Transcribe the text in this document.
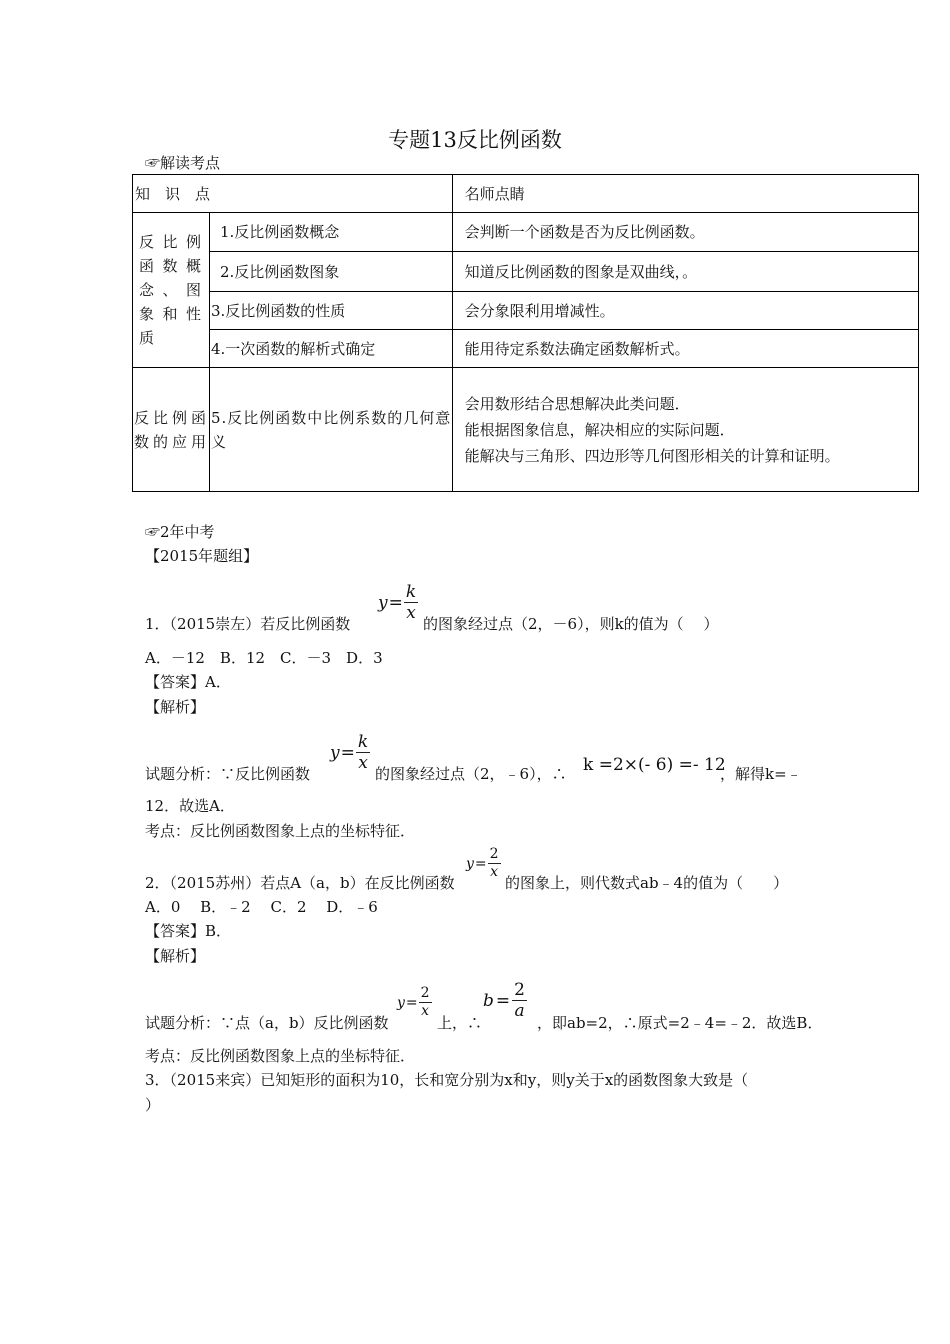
专题13反比例函数
☞解读考点
知　识　点		名师点睛
反比例函数概念、图象和性质	1.反比例函数概念	会判断一个函数是否为反比例函数。
	2.反比例函数图象	知道反比例函数的图象是双曲线，。
	3.反比例函数的性质	会分象限利用增减性。
	4.一次函数的解析式确定	能用待定系数法确定函数解析式。
反比例函数的应用	5.反比例函数中比例系数的几何意义	会用数形结合思想解决此类问题．
能根据图象信息，解决相应的实际问题．
能解决与三角形、四边形等几何图形相关的计算和证明。
☞2年中考
【2015年题组】
1．（2015崇左）若反比例函数
$y = \frac{k}{x}$
的图象经过点（2，－6），则k的值为（　 ）
A．－12　B．12　C．－3　D．3
【答案】A．
【解析】
试题分析：∵反比例函数
$y = \frac{k}{x}$
的图象经过点（2，﹣6），∴ k =2×(- 6) =- 12
，解得k=﹣
12．故选A．
考点：反比例函数图象上点的坐标特征．
2．（2015苏州）若点A（a，b）在反比例函数
$y = \frac{2}{x}$
的图象上，则代数式ab﹣4的值为（　　）
A．0　 B．﹣2　 C．2　 D．﹣6
【答案】B．
【解析】
试题分析：∵点（a，b）反比例函数
$y = \frac{2}{x}$
上，∴
$b = \frac{2}{a}$
，即ab=2，∴原式=2﹣4=﹣2．故选B．
考点：反比例函数图象上点的坐标特征．
3．（2015来宾）已知矩形的面积为10，长和宽分别为x和y，则y关于x的函数图象大致是（
）
